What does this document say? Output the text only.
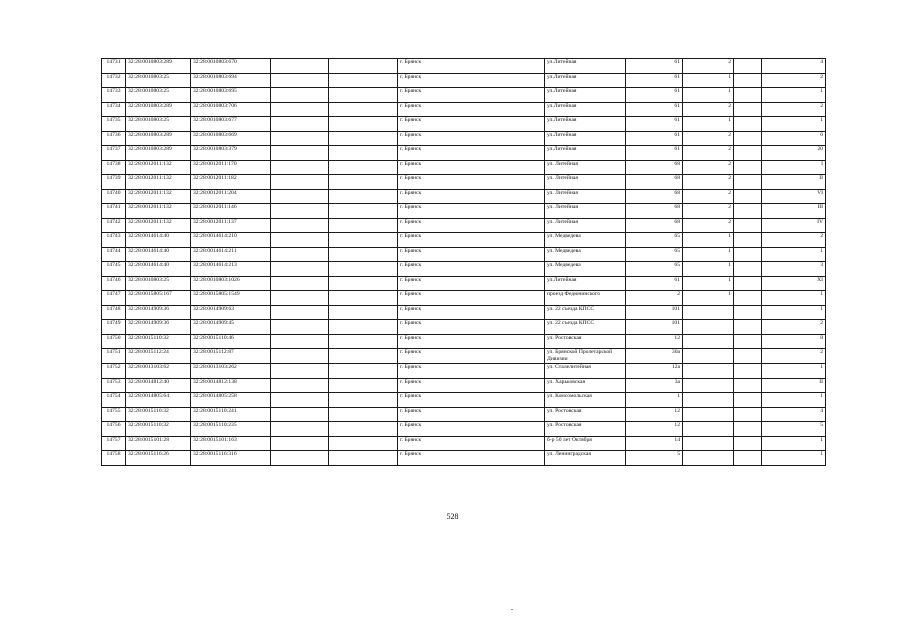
14731	32:28:0010803:289	32:28:0010803:670			г. Брянск	ул.Литейная	61	2		4
14732	32:28:0010803:25	32:28:0010803:694			г. Брянск	ул.Литейная	61	1		2
14733	32:28:0010803:25	32:28:0010803:695			г. Брянск	ул.Литейная	61	1		1
14734	32:28:0010803:289	32:28:0010803:706			г. Брянск	ул.Литейная	61	2		2
14735	32:28:0010803:25	32:28:0010803:677			г. Брянск	ул.Литейная	61	1		1
14736	32:28:0010803:289	32:28:0010803:669			г. Брянск	ул.Литейная	61	2		6
14737	32:28:0010803:289	32:28:0010803:379			г. Брянск	ул.Литейная	61	2		20
14738	32:28:0012011:132	32:28:0012011:170			г. Брянск	ул. Литейная	68	2		I
14739	32:28:0012011:132	32:28:0012011:182			г. Брянск	ул. Литейная	68	2		II
14740	32:28:0012011:132	32:28:0012011:204			г. Брянск	ул. Литейная	68	2		VI
14741	32:28:0012011:132	32:28:0012011:146			г. Брянск	ул. Литейная	68	2		III
14742	32:28:0012011:132	32:28:0012011:137			г. Брянск	ул. Литейная	68	2		IV
14743	32:28:0014614:40	32:28:0014614:210			г. Брянск	ул. Медведева	65	1		2
14744	32:28:0014614:40	32:28:0014614:211			г. Брянск	ул. Медведева	65	1		1
14745	32:28:0014614:40	32:28:0014614:213			г. Брянск	ул. Медведева	65	1		3
14746	32:28:0010803:25	32:28:0010803:1026			г. Брянск	ул.Литейная	61	1		XI
14747	32:28:0015805:167	32:28:0015805:1549			г. Брянск	проезд Федюнинского	2	1		1
14748	32:28:0014909:36	32:28:0014909:63			г. Брянск	ул. 22 съезда КПСС	101			1
14749	32:28:0014909:36	32:28:0014909:45			г. Брянск	ул. 22 съезда КПСС	101			2
14750	32:28:0015110:32	32:28:0015110:46			г. Брянск	ул. Ростовская	12			8
14751	32:28:0015112:24	32:28:0015112:87			г. Брянск	ул. Брянской Пролетарской Дивизии	30а			2
14752	32:28:0013103:62	32:28:0013103:262			г. Брянск	ул. Сталелитейная	12а			1
14753	32:28:0014812:40	32:28:0014812:138			г. Брянск	ул. Харьковская	3а			II
14754	32:28:0014805:64	32:28:0014805:258			г. Брянск	ул. Комсомольская	1			1
14755	32:28:0015110:32	32:28:0015110:241			г. Брянск	ул. Ростовская	12			4
14756	32:28:0015110:32	32:28:0015110:235			г. Брянск	ул. Ростовская	12			5
14757	32:28:0015101:28	32:28:0015101:163			г. Брянск	б-р 50 лет Октября	14			1
14758	32:28:0015116:26	32:28:0015116:316			г. Брянск	ул. Ленинградская	5			1
528
